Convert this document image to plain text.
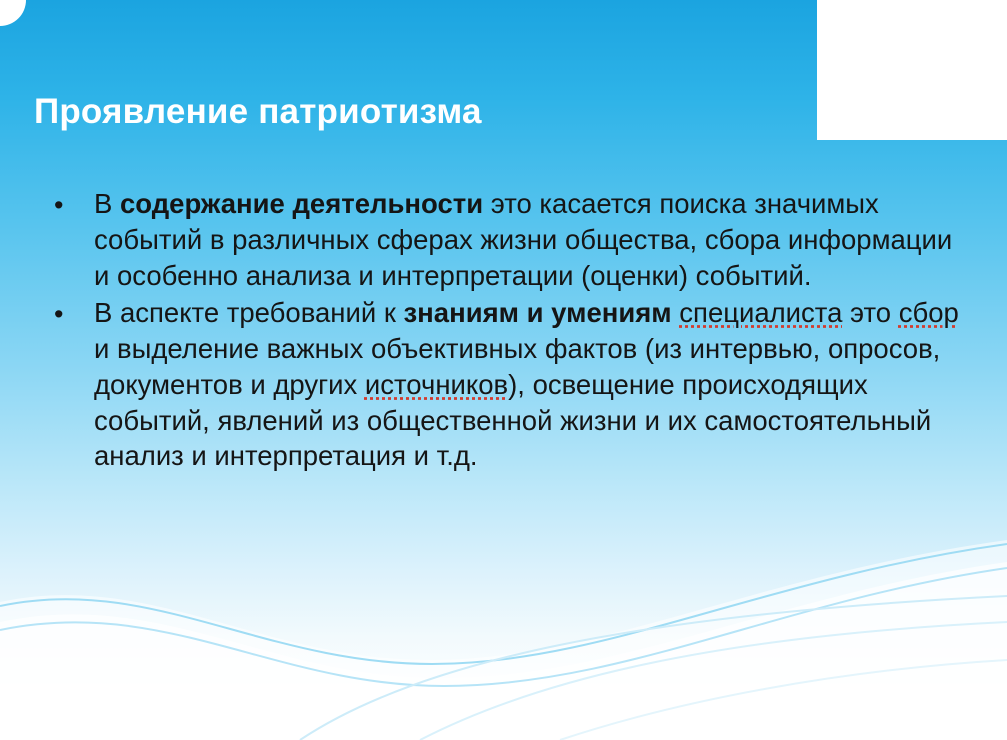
Проявление патриотизма
• В содержание деятельности это касается поиска значимых событий в различных сферах жизни общества, сбора информации и особенно анализа и интерпретации (оценки) событий.
• В аспекте требований к знаниям и умениям специалиста это сбор и выделение важных объективных фактов (из интервью, опросов, документов и других источников), освещение происходящих событий, явлений из общественной жизни и их самостоятельный анализ и интерпретация и т.д.
